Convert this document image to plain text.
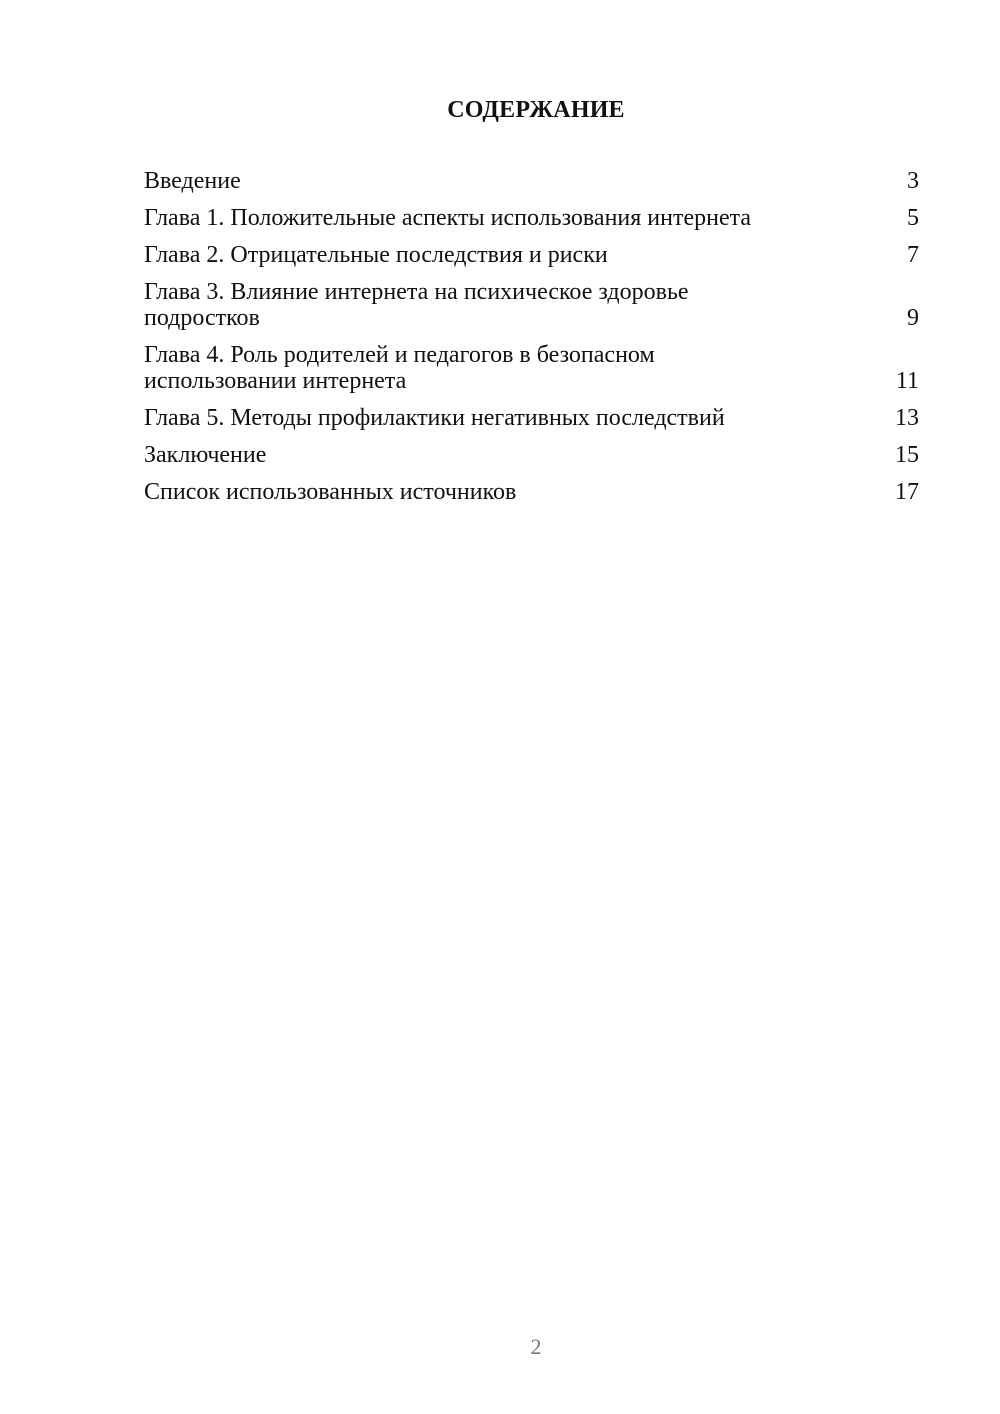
СОДЕРЖАНИЕ
Введение	3
Глава 1. Положительные аспекты использования интернета	5
Глава 2. Отрицательные последствия и риски	7
Глава 3. Влияние интернета на психическое здоровье подростков	9
Глава 4. Роль родителей и педагогов в безопасном использовании интернета	11
Глава 5. Методы профилактики негативных последствий	13
Заключение	15
Список использованных источников	17
2
